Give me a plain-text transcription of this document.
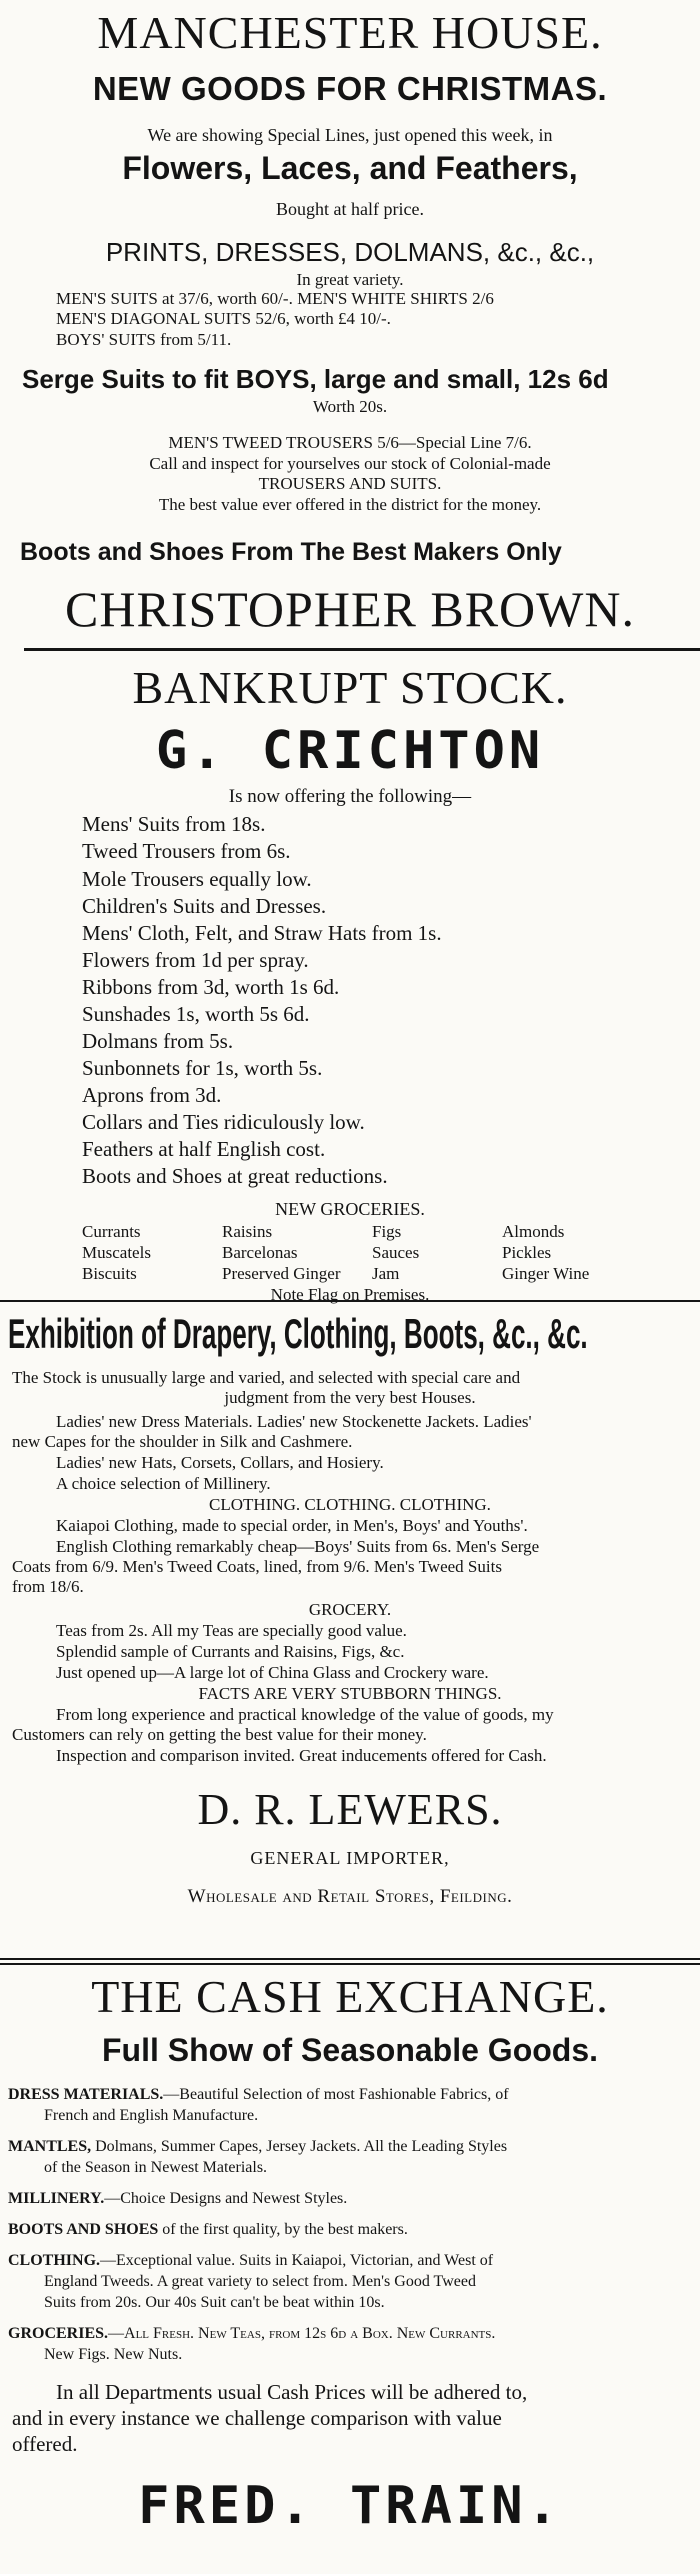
MANCHESTER HOUSE.
NEW GOODS FOR CHRISTMAS.
We are showing Special Lines, just opened this week, in
Flowers, Laces, and Feathers,
Bought at half price.
PRINTS, DRESSES, DOLMANS, &c., &c.,
In great variety.
MEN'S SUITS at 37/6, worth 60/-. MEN'S WHITE SHIRTS 2/6
MEN'S DIAGONAL SUITS 52/6, worth £4 10/-.
BOYS' SUITS from 5/11.
Serge Suits to fit BOYS, large and small, 12s 6d
Worth 20s.
MEN'S TWEED TROUSERS 5/6—Special Line 7/6.
Call and inspect for yourselves our stock of Colonial-made
TROUSERS AND SUITS.
The best value ever offered in the district for the money.
Boots and Shoes From The Best Makers Only
CHRISTOPHER BROWN.
BANKRUPT STOCK.
G. CRICHTON
Is now offering the following—
Mens' Suits from 18s.
Tweed Trousers from 6s.
Mole Trousers equally low.
Children's Suits and Dresses.
Mens' Cloth, Felt, and Straw Hats from 1s.
Flowers from 1d per spray.
Ribbons from 3d, worth 1s 6d.
Sunshades 1s, worth 5s 6d.
Dolmans from 5s.
Sunbonnets for 1s, worth 5s.
Aprons from 3d.
Collars and Ties ridiculously low.
Feathers at half English cost.
Boots and Shoes at great reductions.
NEW GROCERIES.
Currants	Raisins	Figs	Almonds
Muscatels	Barcelonas	Sauces	Pickles
Biscuits	Preserved Ginger	Jam	Ginger Wine
Note Flag on Premises.
Exhibition of Drapery, Clothing, Boots, &c., &c.
The Stock is unusually large and varied, and selected with special care and
judgment from the very best Houses.
Ladies' new Dress Materials. Ladies' new Stockenette Jackets. Ladies'
new Capes for the shoulder in Silk and Cashmere.
Ladies' new Hats, Corsets, Collars, and Hosiery.
A choice selection of Millinery.
CLOTHING. CLOTHING. CLOTHING.
Kaiapoi Clothing, made to special order, in Men's, Boys' and Youths'.
English Clothing remarkably cheap—Boys' Suits from 6s. Men's Serge
Coats from 6/9. Men's Tweed Coats, lined, from 9/6. Men's Tweed Suits
from 18/6.
GROCERY.
Teas from 2s. All my Teas are specially good value.
Splendid sample of Currants and Raisins, Figs, &c.
Just opened up—A large lot of China Glass and Crockery ware.
FACTS ARE VERY STUBBORN THINGS.
From long experience and practical knowledge of the value of goods, my
Customers can rely on getting the best value for their money.
Inspection and comparison invited. Great inducements offered for Cash.
D. R. LEWERS.
GENERAL IMPORTER,
Wholesale and Retail Stores, Feilding.
THE CASH EXCHANGE.
Full Show of Seasonable Goods.
DRESS MATERIALS.—Beautiful Selection of most Fashionable Fabrics, of
French and English Manufacture.
MANTLES, Dolmans, Summer Capes, Jersey Jackets. All the Leading Styles
of the Season in Newest Materials.
MILLINERY.—Choice Designs and Newest Styles.
BOOTS AND SHOES of the first quality, by the best makers.
CLOTHING.—Exceptional value. Suits in Kaiapoi, Victorian, and West of
England Tweeds. A great variety to select from. Men's Good Tweed
Suits from 20s. Our 40s Suit can't be beat within 10s.
GROCERIES.—All Fresh. New Teas, from 12s 6d a Box. New Currants.
New Figs. New Nuts.
In all Departments usual Cash Prices will be adhered to,
and in every instance we challenge comparison with value
offered.
FRED. TRAIN.
